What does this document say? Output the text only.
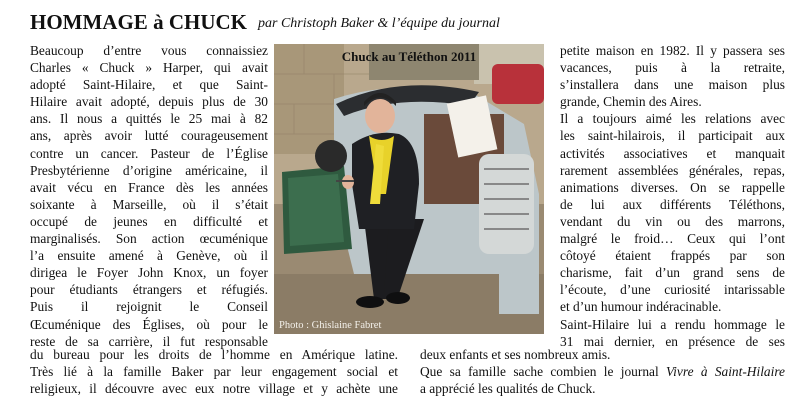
HOMMAGE à CHUCK par Christoph Baker & l’équipe du journal
Beaucoup d’entre vous connaissiez
Charles « Chuck » Harper, qui avait
adopté Saint-Hilaire, et que Saint-
Hilaire avait adopté, depuis plus de 30
ans. Il nous a quittés le 25 mai à 82
ans, après avoir lutté courageusement
contre un cancer. Pasteur de l’Église
Presbytérienne d’origine américaine, il
avait vécu en France dès les années
soixante à Marseille, où il s’était
occupé de jeunes en difficulté et
marginalisés. Son action œcuménique
l’a ensuite amené à Genève, où il
dirigea le Foyer John Knox, un foyer
pour étudiants étrangers et réfugiés.
Puis il rejoignit le Conseil
Œcuménique des Églises, où pour le
reste de sa carrière, il fut responsable
Chuck au Téléthon 2011
Photo : Ghislaine Fabret
petite maison en 1982. Il y passera ses
vacances, puis à la retraite,
s’installera dans une maison plus
grande, Chemin des Aires.
Il a toujours aimé les relations avec
les saint-hilairois, il participait aux
activités associatives et manquait
rarement assemblées générales, repas,
animations diverses. On se rappelle
de lui aux différents Téléthons,
vendant du vin ou des marrons,
malgré le froid… Ceux qui l’ont
côtoyé étaient frappés par son
charisme, fait d’un grand sens de
l’écoute, d’une curiosité intarissable
et d’un humour indéracinable.
Saint-Hilaire lui a rendu hommage le
31 mai dernier, en présence de ses
du bureau pour les droits de l’homme en Amérique latine.
Très lié à la famille Baker par leur engagement social et
religieux, il découvre avec eux notre village et y achète une
deux enfants et ses nombreux amis.
Que sa famille sache combien le journal Vivre à Saint-Hilaire
a apprécié les qualités de Chuck.
